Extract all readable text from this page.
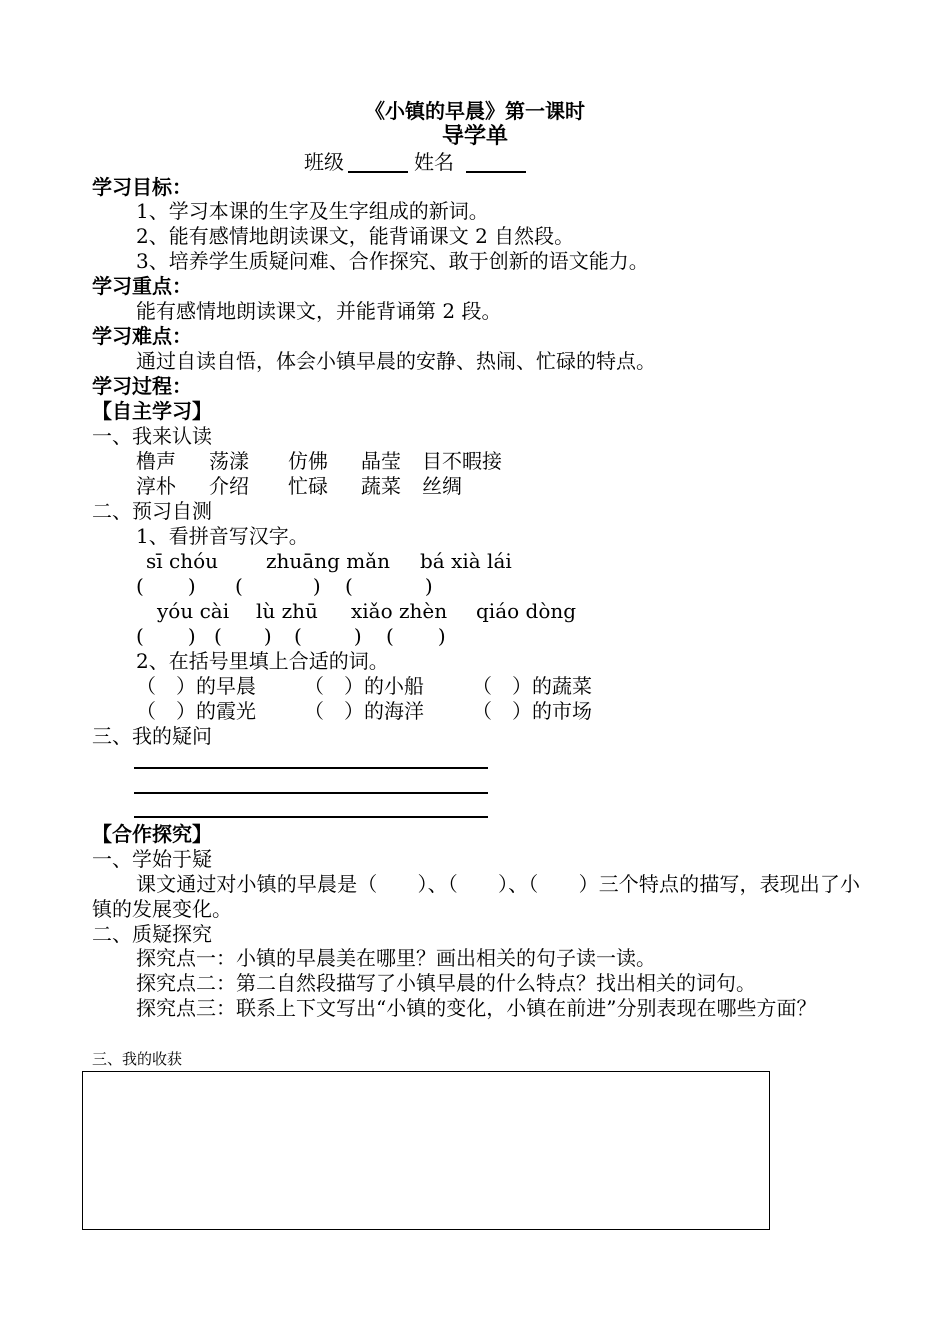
《小镇的早晨》第一课时
导学单
班级	姓名
学习目标：
1、学习本课的生字及生字组成的新词。
2、能有感情地朗读课文，能背诵课文 2 自然段。
3、培养学生质疑问难、合作探究、敢于创新的语文能力。
学习重点：
能有感情地朗读课文，并能背诵第 2 段。
学习难点：
通过自读自悟，体会小镇早晨的安静、热闹、忙碌的特点。
学习过程：
【自主学习】
一、我来认读
橹声 荡漾 仿佛 晶莹 目不暇接
淳朴 介绍 忙碌 蔬菜 丝绸
二、预习自测
1、看拼音写汉字。
sī chóu zhuāng mǎn bá xià lái
( ) (	) (	)
yóu cài lù zhū xiǎo zhèn qiáo dòng
( ) ( ) (	) ( )
2、在括号里填上合适的词。
（　）的早晨 （　）的小船 （　）的蔬菜
（　）的霞光 （　）的海洋 （　）的市场
三、我的疑问
【合作探究】
一、学始于疑
课文通过对小镇的早晨是（　　）、（　　）、（　　）三个特点的描写，表现出了小镇的发展变化。
二、质疑探究
探究点一：小镇的早晨美在哪里？画出相关的句子读一读。
探究点二：第二自然段描写了小镇早晨的什么特点？找出相关的词句。
探究点三：联系上下文写出“小镇的变化，小镇在前进”分别表现在哪些方面？
三、我的收获
